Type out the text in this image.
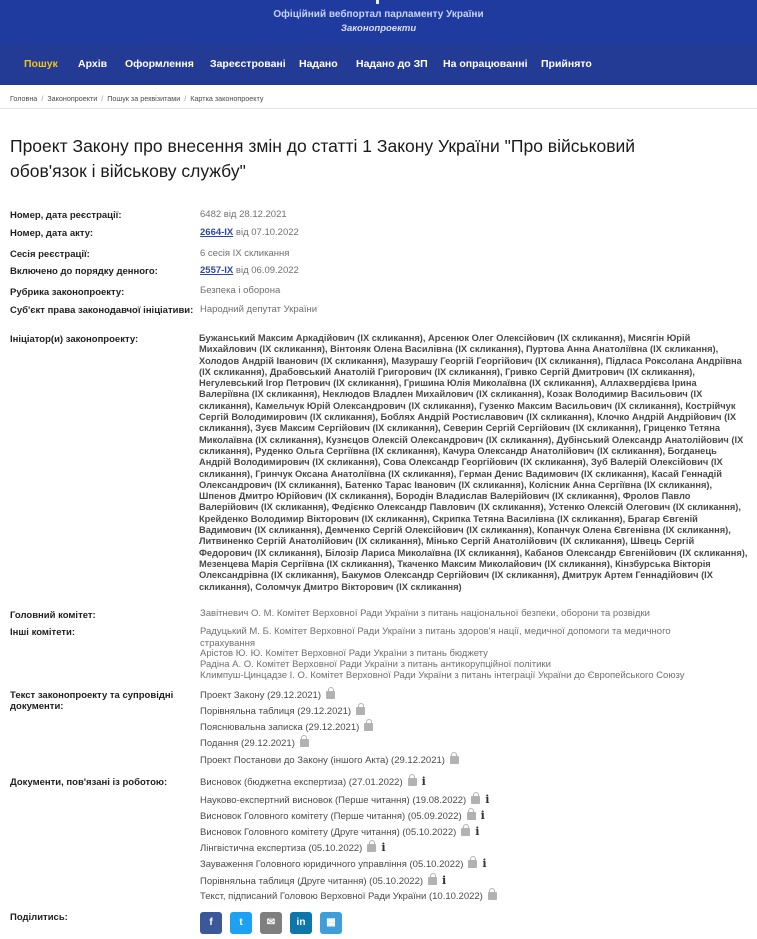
Офіційний вебпортал парламенту України
Законопроекти
Пошук Архів Оформлення Зареєстровані Надано Надано до ЗП На опрацюванні Прийнято
Головна / Законопроекти / Пошук за реквізитами / Картка законопроекту
Проект Закону про внесення змін до статті 1 Закону України "Про військовий обов'язок і військову службу"
Номер, дата реєстрації:	6482 від 28.12.2021
Номер, дата акту:	2664-IX від 07.10.2022
Сесія реєстрації:	6 сесія IX скликання
Включено до порядку денного:	2557-IX від 06.09.2022
Рубрика законопроекту:	Безпека і оборона
Суб'єкт права законодавчої ініціативи: Народний депутат України
Ініціатор(и) законопроекту:	Бужанський Максим Аркадійович (IX скликання), Арсенюк Олег Олексійович (IX скликання), Мисягін Юрій Михайлович (IX скликання), Вінтоняк Олена Василівна (IX скликання), Пуртова Анна Анатоліївна (IX скликання), Холодов Андрій Іванович (IX скликання), Мазурашу Георгій Георгійович (IX скликання), Підласа Роксолана Андріївна (IX скликання), Драбовський Анатолій Григорович (IX скликання), Гривко Сергій Дмитрович (IX скликання), Негулевський Ігор Петрович (IX скликання), Гришина Юлія Миколаївна (IX скликання), Аллахвердієва Ірина Валеріївна (IX скликання), Неклюдов Владлен Михайлович (IX скликання), Козак Володимир Васильович (IX скликання), Камельчук Юрій Олександрович (IX скликання), Гузенко Максим Васильович (IX скликання), Кострійчук Сергій Володимирович (IX скликання), Боблях Андрій Ростиславович (IX скликання), Клочко Андрій Андрійович (IX скликання), Зуєв Максим Сергійович (IX скликання), Северин Сергій Сергійович (IX скликання), Гриценко Тетяна Миколаївна (IX скликання), Кузнєцов Олексій Олександрович (IX скликання), Дубінський Олександр Анатолійович (IX скликання), Руденко Ольга Сергіївна (IX скликання), Качура Олександр Анатолійович (IX скликання), Богданець Андрій Володимирович (IX скликання), Сова Олександр Георгійович (IX скликання), Зуб Валерій Олексійович (IX скликання), Гринчук Оксана Анатоліївна (IX скликання), Герман Денис Вадимович (IX скликання), Касай Геннадій Олександрович (IX скликання), Батенко Тарас Іванович (IX скликання), Колісник Анна Сергіївна (IX скликання), Шпенов Дмитро Юрійович (IX скликання), Бородін Владислав Валерійович (IX скликання), Фролов Павло Валерійович (IX скликання), Федієнко Олександр Павлович (IX скликання), Устенко Олексій Олегович (IX скликання), Крейденко Володимир Вікторович (IX скликання), Скрипка Тетяна Василівна (IX скликання), Брагар Євгеній Вадимович (IX скликання), Демченко Сергій Олексійович (IX скликання), Копанчук Олена Євгенівна (IX скликання), Литвиненко Сергій Анатолійович (IX скликання), Мінько Сергій Анатолійович (IX скликання), Швець Сергій Федорович (IX скликання), Білозір Лариса Миколаївна (IX скликання), Кабанов Олександр Євгенійович (IX скликання), Мезенцева Марія Сергіївна (IX скликання), Ткаченко Максим Миколайович (IX скликання), Кінзбурська Вікторія Олександрівна (IX скликання), Бакумов Олександр Сергійович (IX скликання), Дмитрук Артем Геннадійович (IX скликання), Соломчук Дмитро Вікторович (IX скликання)
Головний комітет:	Завітневич О. М. Комітет Верховної Ради України з питань національної безпеки, оборони та розвідки
Інші комітети:	Радуцький М. Б. Комітет Верховної Ради України з питань здоров'я нації, медичної допомоги та медичного страхування
Арістов Ю. Ю. Комітет Верховної Ради України з питань бюджету
Радіна А. О. Комітет Верховної Ради України з питань антикорупційної політики
Климпуш-Цинцадзе І. О. Комітет Верховної Ради України з питань інтеграції України до Європейського Союзу
Текст законопроекту та супровідні документи:
Проект Закону (29.12.2021)
Порівняльна таблиця (29.12.2021)
Пояснювальна записка (29.12.2021)
Подання (29.12.2021)
Проект Постанови до Закону (іншого Акта) (29.12.2021)
Документи, пов'язані із роботою:	Висновок (бюджетна експертиза) (27.01.2022) i
Науково-експертний висновок (Перше читання) (19.08.2022) i
Висновок Головного комітету (Перше читання) (05.09.2022) i
Висновок Головного комітету (Друге читання) (05.10.2022) i
Лінгвістична експертиза (05.10.2022) i
Зауваження Головного юридичного управління (05.10.2022) i
Порівняльна таблиця (Друге читання) (05.10.2022) i
Текст, підписаний Головою Верховної Ради України (10.10.2022)
Поділитись:	f	t	✉	in	▦
